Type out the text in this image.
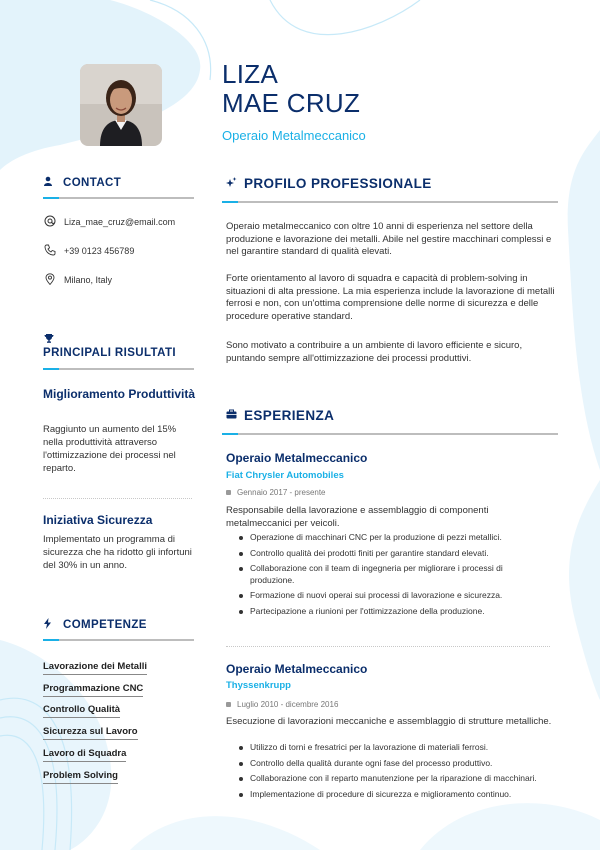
LIZA
MAE CRUZ
Operaio Metalmeccanico
CONTACT
Liza_mae_cruz@email.com
+39 0123 456789
Milano, Italy
PRINCIPALI RISULTATI
Miglioramento Produttività
Raggiunto un aumento del 15% nella produttività attraverso l'ottimizzazione dei processi nel reparto.
Iniziativa Sicurezza
Implementato un programma di sicurezza che ha ridotto gli infortuni del 30% in un anno.
COMPETENZE
Lavorazione dei Metalli
Programmazione CNC
Controllo Qualità
Sicurezza sul Lavoro
Lavoro di Squadra
Problem Solving
PROFILO PROFESSIONALE
Operaio metalmeccanico con oltre 10 anni di esperienza nel settore della produzione e lavorazione dei metalli. Abile nel gestire macchinari complessi e nel garantire standard di qualità elevati.
Forte orientamento al lavoro di squadra e capacità di problem-solving in situazioni di alta pressione. La mia esperienza include la lavorazione di metalli ferrosi e non, con un'ottima comprensione delle norme di sicurezza e delle procedure operative standard.
Sono motivato a contribuire a un ambiente di lavoro efficiente e sicuro, puntando sempre all'ottimizzazione dei processi produttivi.
ESPERIENZA
Operaio Metalmeccanico
Fiat Chrysler Automobiles
Gennaio 2017 - presente
Responsabile della lavorazione e assemblaggio di componenti metalmeccanici per veicoli.
Operazione di macchinari CNC per la produzione di pezzi metallici.
Controllo qualità dei prodotti finiti per garantire standard elevati.
Collaborazione con il team di ingegneria per migliorare i processi di produzione.
Formazione di nuovi operai sui processi di lavorazione e sicurezza.
Partecipazione a riunioni per l'ottimizzazione della produzione.
Operaio Metalmeccanico
Thyssenkrupp
Luglio 2010 - dicembre 2016
Esecuzione di lavorazioni meccaniche e assemblaggio di strutture metalliche.
Utilizzo di torni e fresatrici per la lavorazione di materiali ferrosi.
Controllo della qualità durante ogni fase del processo produttivo.
Collaborazione con il reparto manutenzione per la riparazione di macchinari.
Implementazione di procedure di sicurezza e miglioramento continuo.
